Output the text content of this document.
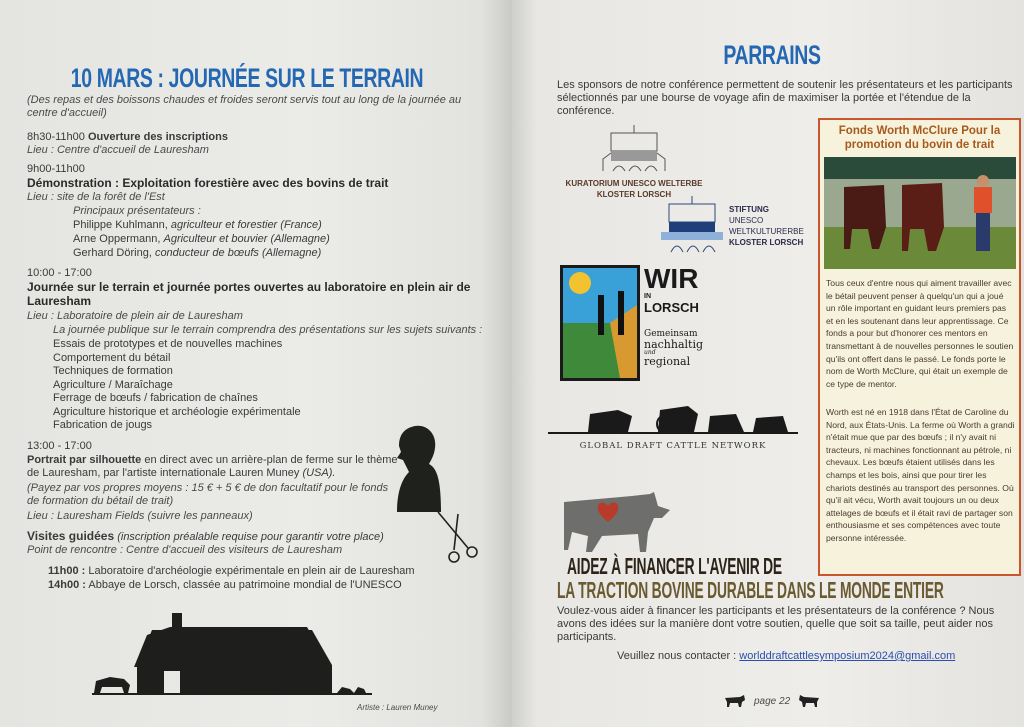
10 MARS : JOURNÉE SUR LE TERRAIN
(Des repas et des boissons chaudes et froides seront servis tout au long de la journée au
centre d'accueil)
8h30-11h00 Ouverture des inscriptions
Lieu : Centre d'accueil de Lauresham
9h00-11h00
Démonstration : Exploitation forestière avec des bovins de trait
Lieu : site de la forêt de l'Est
Principaux présentateurs :
Philippe Kuhlmann, agriculteur et forestier (France)
Arne Oppermann, Agriculteur et bouvier (Allemagne)
Gerhard Döring, conducteur de bœufs (Allemagne)
10:00 - 17:00
Journée sur le terrain et journée portes ouvertes au laboratoire en plein air de
Lauresham
Lieu : Laboratoire de plein air de Lauresham
La journée publique sur le terrain comprendra des présentations sur les sujets suivants :
Essais de prototypes et de nouvelles machines
Comportement du bétail
Techniques de formation
Agriculture / Maraîchage
Ferrage de bœufs / fabrication de chaînes
Agriculture historique et archéologie expérimentale
Fabrication de jougs
13:00 - 17:00
Portrait par silhouette en direct avec un arrière-plan de ferme sur le thème
de Lauresham, par l'artiste internationale Lauren Muney (USA).
(Payez par vos propres moyens : 15 € + 5 € de don facultatif pour le fonds
de formation du bétail de trait)
Lieu : Lauresham Fields (suivre les panneaux)
Visites guidées (inscription préalable requise pour garantir votre place)
Point de rencontre : Centre d'accueil des visiteurs de Lauresham
11h00 : Laboratoire d'archéologie expérimentale en plein air de Lauresham
14h00 : Abbaye de Lorsch, classée au patrimoine mondial de l'UNESCO
Artiste : Lauren Muney
PARRAINS
Les sponsors de notre conférence permettent de soutenir les présentateurs et les participants
sélectionnés par une bourse de voyage afin de maximiser la portée et l'étendue de la
conférence.
KURATORIUM UNESCO WELTERBE
KLOSTER LORSCH
STIFTUNG
UNESCO
WELTKULTURERBE
KLOSTER LORSCH
WIR
IN
LORSCH
Gemeinsam
nachhaltig
und
regional
GLOBAL DRAFT CATTLE NETWORK
AIDEZ À FINANCER L'AVENIR DE
LA TRACTION BOVINE DURABLE DANS LE MONDE ENTIER
Voulez-vous aider à financer les participants et les présentateurs de la conférence ? Nous
avons des idées sur la manière dont votre soutien, quelle que soit sa taille, peut aider nos
participants.
Veuillez nous contacter : worlddraftcattlesymposium2024@gmail.com
page 22
Fonds Worth McClure Pour la promotion du bovin de trait
Tous ceux d'entre nous qui aiment travailler avec le bétail peuvent penser à quelqu'un qui a joué un rôle important en guidant leurs premiers pas et en les soutenant dans leur apprentissage. Ce fonds a pour but d'honorer ces mentors en transmettant à de nouvelles personnes le soutien qu'ils ont offert dans le passé. Le fonds porte le nom de Worth McClure, qui était un exemple de ce type de mentor.
Worth est né en 1918 dans l'État de Caroline du Nord, aux États-Unis. La ferme où Worth a grandi n'était mue que par des bœufs ; il n'y avait ni tracteurs, ni machines fonctionnant au pétrole, ni chevaux. Les bœufs étaient utilisés dans les champs et les bois, ainsi que pour tirer les chariots destinés au transport des personnes. Où qu'il ait vécu, Worth avait toujours un ou deux attelages de bœufs et il était ravi de partager son enthousiasme et ses compétences avec toute personne intéressée.
